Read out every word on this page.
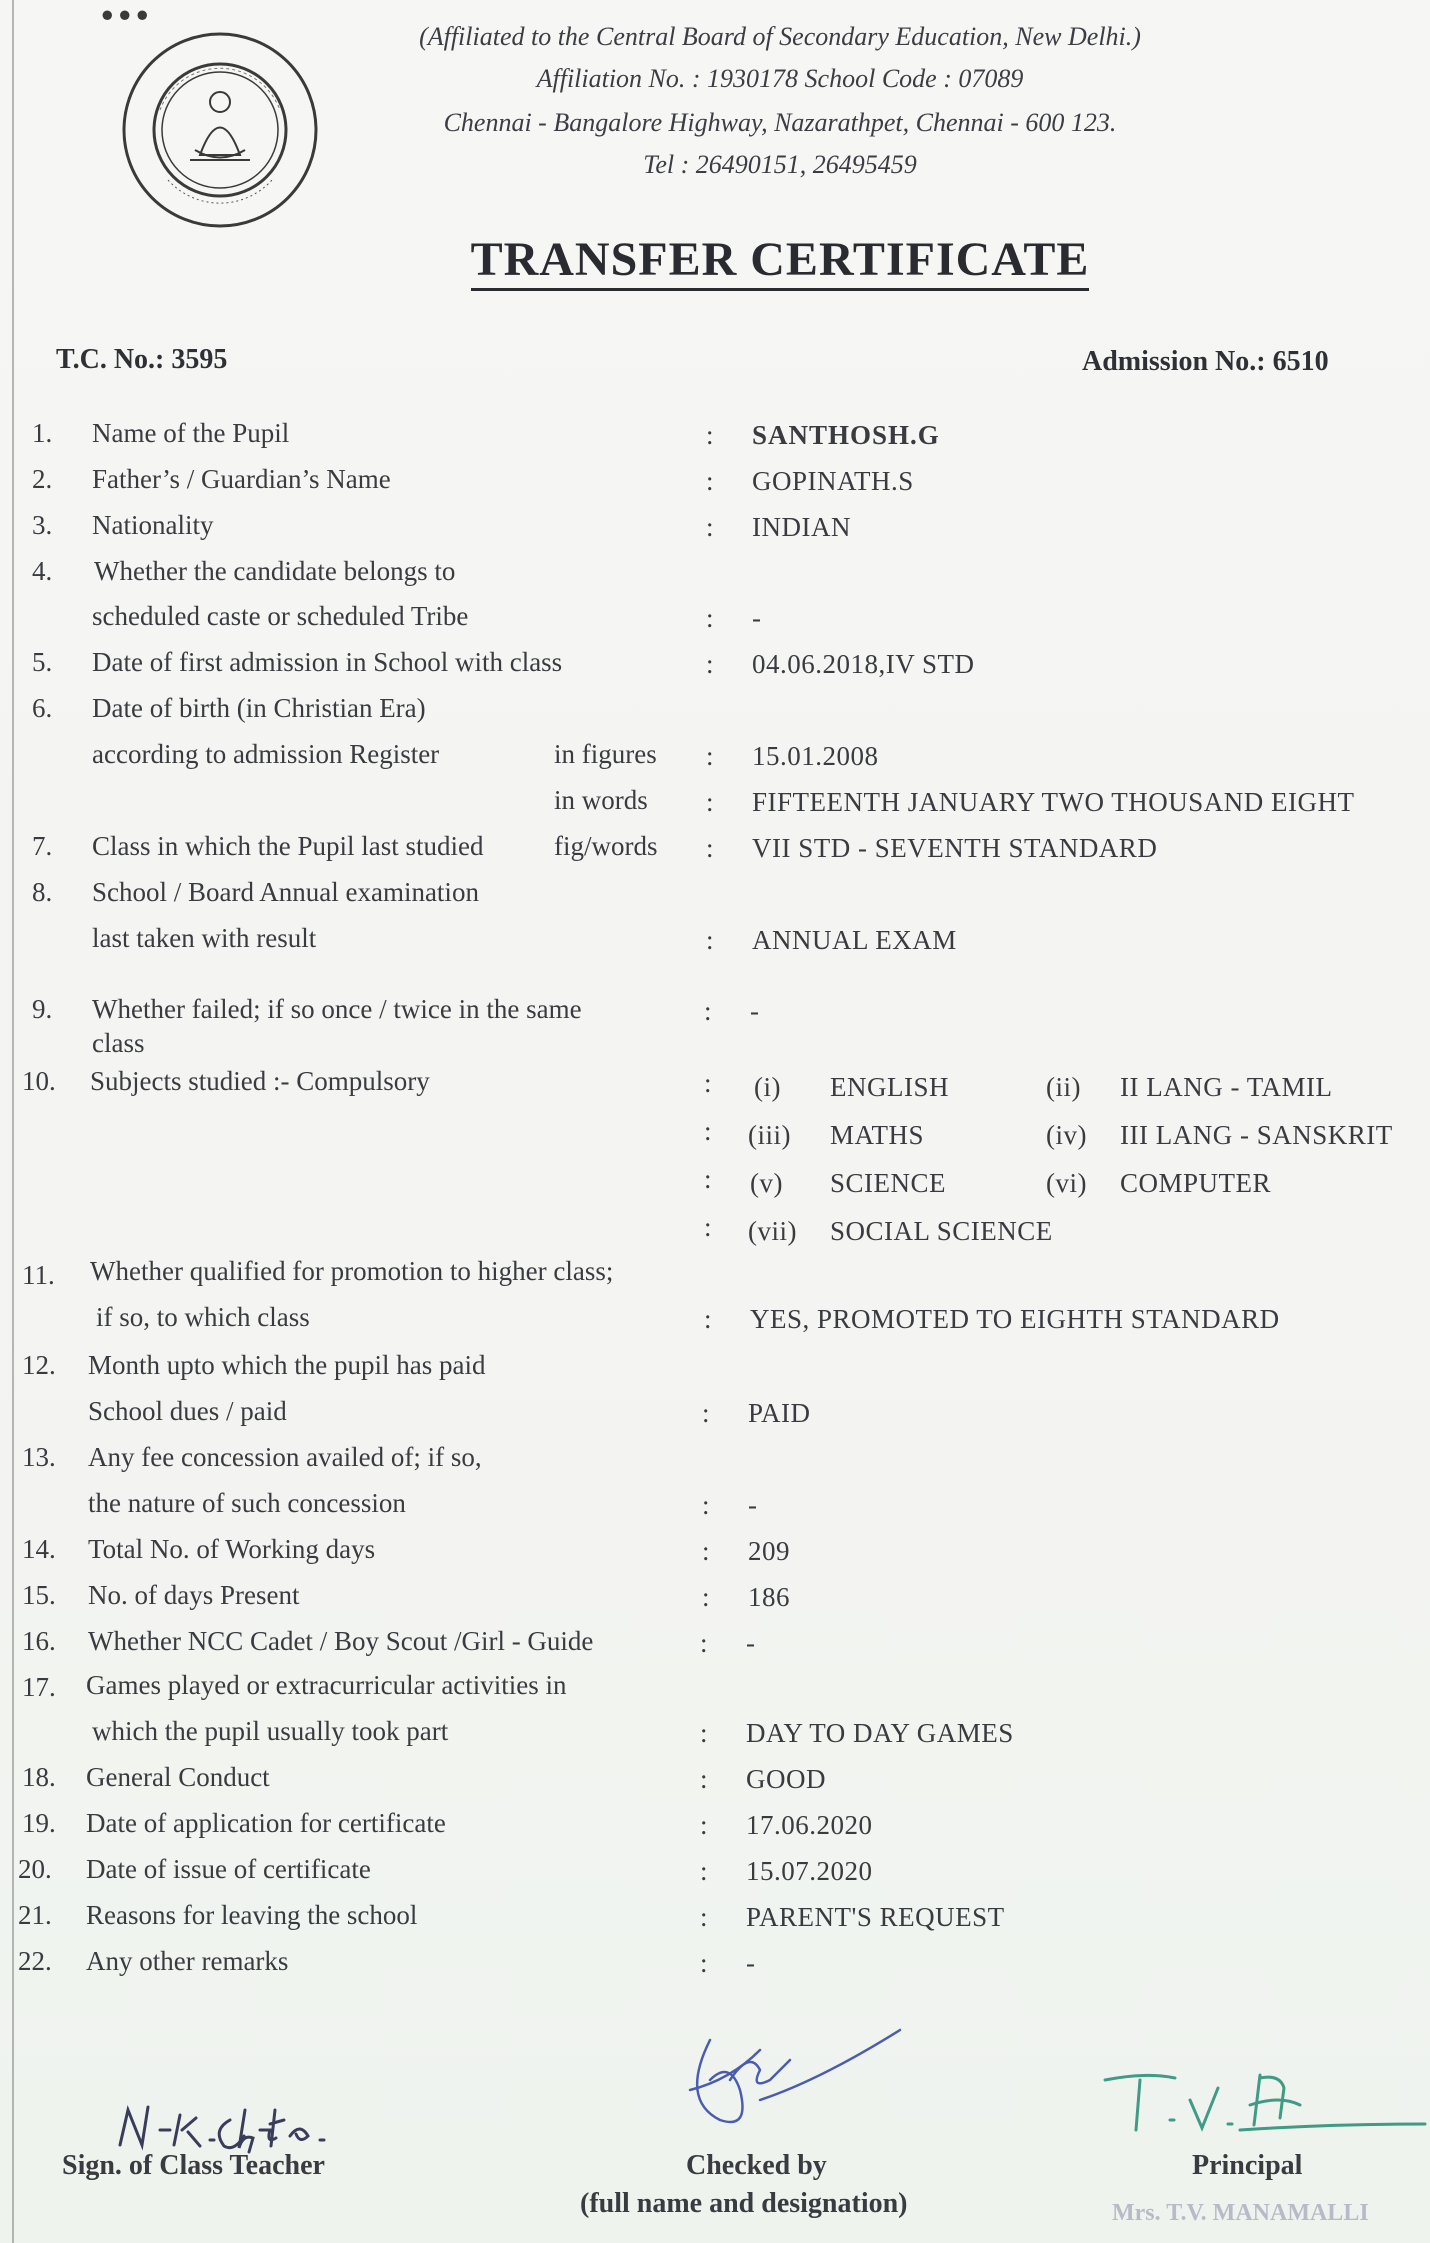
(Affiliated to the Central Board of Secondary Education, New Delhi.)
Affiliation No. : 1930178 School Code : 07089
Chennai - Bangalore Highway, Nazarathpet, Chennai - 600 123.
Tel : 26490151, 26495459
TRANSFER CERTIFICATE
T.C. No.: 3595	Admission No.: 6510
1. Name of the Pupil	: SANTHOSH.G
2. Father’s / Guardian’s Name	: GOPINATH.S
3. Nationality	: INDIAN
4. Whether the candidate belongs to
scheduled caste or scheduled Tribe	: -
5. Date of first admission in School with class	: 04.06.2018,IV STD
6. Date of birth (in Christian Era)
according to admission Register	in figures : 15.01.2008
in words : FIFTEENTH JANUARY TWO THOUSAND EIGHT
7. Class in which the Pupil last studied	fig/words : VII STD - SEVENTH STANDARD
8. School / Board Annual examination
last taken with result	: ANNUAL EXAM
9. Whether failed; if so once / twice in the same
class
: -
10. Subjects studied :- Compulsory	: (i) ENGLISH	(ii) II LANG - TAMIL
: (iii) MATHS	(iv) III LANG - SANSKRIT
: (v) SCIENCE	(vi) COMPUTER
: (vii) SOCIAL SCIENCE
11. Whether qualified for promotion to higher class;
if so, to which class	: YES, PROMOTED TO EIGHTH STANDARD
12. Month upto which the pupil has paid
School dues / paid	: PAID
13. Any fee concession availed of; if so,
the nature of such concession	: -
14. Total No. of Working days	: 209
15. No. of days Present	: 186
16. Whether NCC Cadet / Boy Scout /Girl - Guide	: -
17. Games played or extracurricular activities in
which the pupil usually took part	: DAY TO DAY GAMES
18. General Conduct	: GOOD
19. Date of application for certificate	: 17.06.2020
20. Date of issue of certificate	: 15.07.2020
21. Reasons for leaving the school	: PARENT'S REQUEST
22. Any other remarks	: -
Sign. of Class Teacher	Checked by
(full name and designation)
Principal
Mrs. T.V. MANAMALLI
